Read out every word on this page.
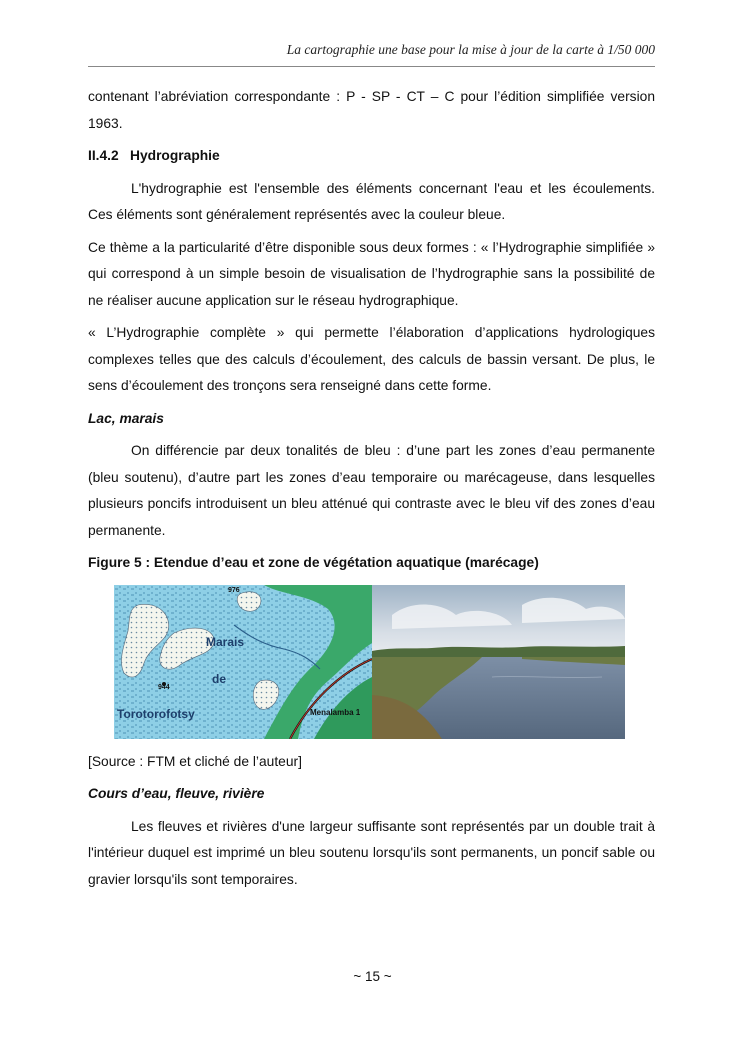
La cartographie une base pour la mise à jour de la carte à 1/50 000

contenant l’abréviation correspondante : P - SP - CT – C pour l’édition simplifiée version 1963.

II.4.2 Hydrographie

L'hydrographie est l'ensemble des éléments concernant l'eau et les écoulements. Ces éléments sont généralement représentés avec la couleur bleue.

Ce thème a la particularité d’être disponible sous deux formes : « l’Hydrographie simplifiée » qui correspond à un simple besoin de visualisation de l’hydrographie sans la possibilité de ne réaliser aucune application sur le réseau hydrographique.

« L’Hydrographie complète » qui permette l’élaboration d’applications hydrologiques complexes telles que des calculs d’écoulement, des calculs de bassin versant. De plus, le sens d’écoulement des tronçons sera renseigné dans cette forme.

Lac, marais

On différencie par deux tonalités de bleu : d’une part les zones d’eau permanente (bleu soutenu), d’autre part les zones d’eau temporaire ou marécageuse, dans lesquelles plusieurs poncifs introduisent un bleu atténué qui contraste avec le bleu vif des zones d’eau permanente.

Figure 5 : Etendue d’eau et zone de végétation aquatique (marécage)
Marais
de
Torotorofotsy	Menalamba 1
944
976

[Source : FTM et cliché de l’auteur]

Cours d’eau, fleuve, rivière

Les fleuves et rivières d'une largeur suffisante sont représentés par un double trait à l'intérieur duquel est imprimé un bleu soutenu lorsqu'ils sont permanents, un poncif sable ou gravier lorsqu'ils sont temporaires.

~ 15 ~
